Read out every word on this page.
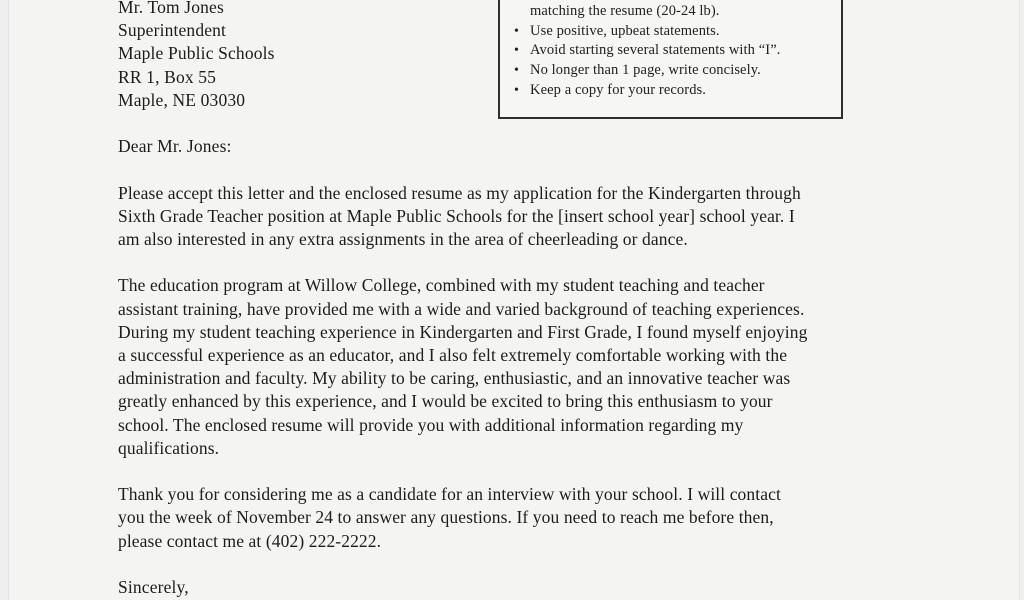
matching the resume (20-24 lb).
• Use positive, upbeat statements.
• Avoid starting several statements with “I”.
• No longer than 1 page, write concisely.
• Keep a copy for your records.
Mr. Tom Jones
Superintendent
Maple Public Schools
RR 1, Box 55
Maple, NE 03030
Dear Mr. Jones:
Please accept this letter and the enclosed resume as my application for the Kindergarten through
Sixth Grade Teacher position at Maple Public Schools for the [insert school year] school year. I
am also interested in any extra assignments in the area of cheerleading or dance.
The education program at Willow College, combined with my student teaching and teacher
assistant training, have provided me with a wide and varied background of teaching experiences.
During my student teaching experience in Kindergarten and First Grade, I found myself enjoying
a successful experience as an educator, and I also felt extremely comfortable working with the
administration and faculty. My ability to be caring, enthusiastic, and an innovative teacher was
greatly enhanced by this experience, and I would be excited to bring this enthusiasm to your
school. The enclosed resume will provide you with additional information regarding my
qualifications.
Thank you for considering me as a candidate for an interview with your school. I will contact
you the week of November 24 to answer any questions. If you need to reach me before then,
please contact me at (402) 222-2222.
Sincerely,
